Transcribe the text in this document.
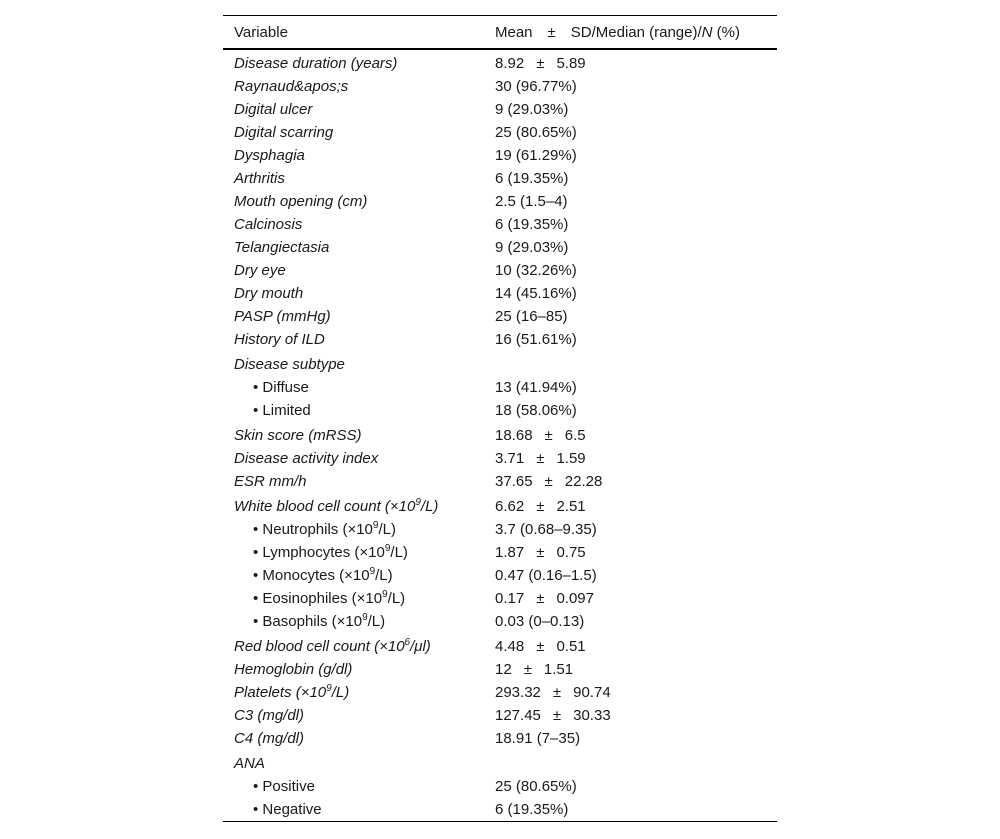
Variable	Mean ± SD/Median (range)/N (%)
Disease duration (years)	8.92 ± 5.89
Raynaud&apos;s	30 (96.77%)
Digital ulcer	9 (29.03%)
Digital scarring	25 (80.65%)
Dysphagia	19 (61.29%)
Arthritis	6 (19.35%)
Mouth opening (cm)	2.5 (1.5–4)
Calcinosis	6 (19.35%)
Telangiectasia	9 (29.03%)
Dry eye	10 (32.26%)
Dry mouth	14 (45.16%)
PASP (mmHg)	25 (16–85)
History of ILD	16 (51.61%)
Disease subtype
• Diffuse	13 (41.94%)
• Limited	18 (58.06%)
Skin score (mRSS)	18.68 ± 6.5
Disease activity index	3.71 ± 1.59
ESR mm/h	37.65 ± 22.28
White blood cell count $(\times 10^9/L)$	6.62 ± 2.51
• Neutrophils $(\times 10^9/L)$	3.7 (0.68–9.35)
• Lymphocytes $(\times 10^9/L)$	1.87 ± 0.75
• Monocytes $(\times 10^9/L)$	0.47 (0.16–1.5)
• Eosinophiles $(\times 10^9/L)$	0.17 ± 0.097
• Basophils $(\times 10^9/L)$	0.03 (0–0.13)
Red blood cell count $(\times 10^6/\mu l)$	4.48 ± 0.51
Hemoglobin (g/dl)	12 ± 1.51
Platelets $(\times 10^9/L)$	293.32 ± 90.74
C3 (mg/dl)	127.45 ± 30.33
C4 (mg/dl)	18.91 (7–35)
ANA
• Positive	25 (80.65%)
• Negative	6 (19.35%)
